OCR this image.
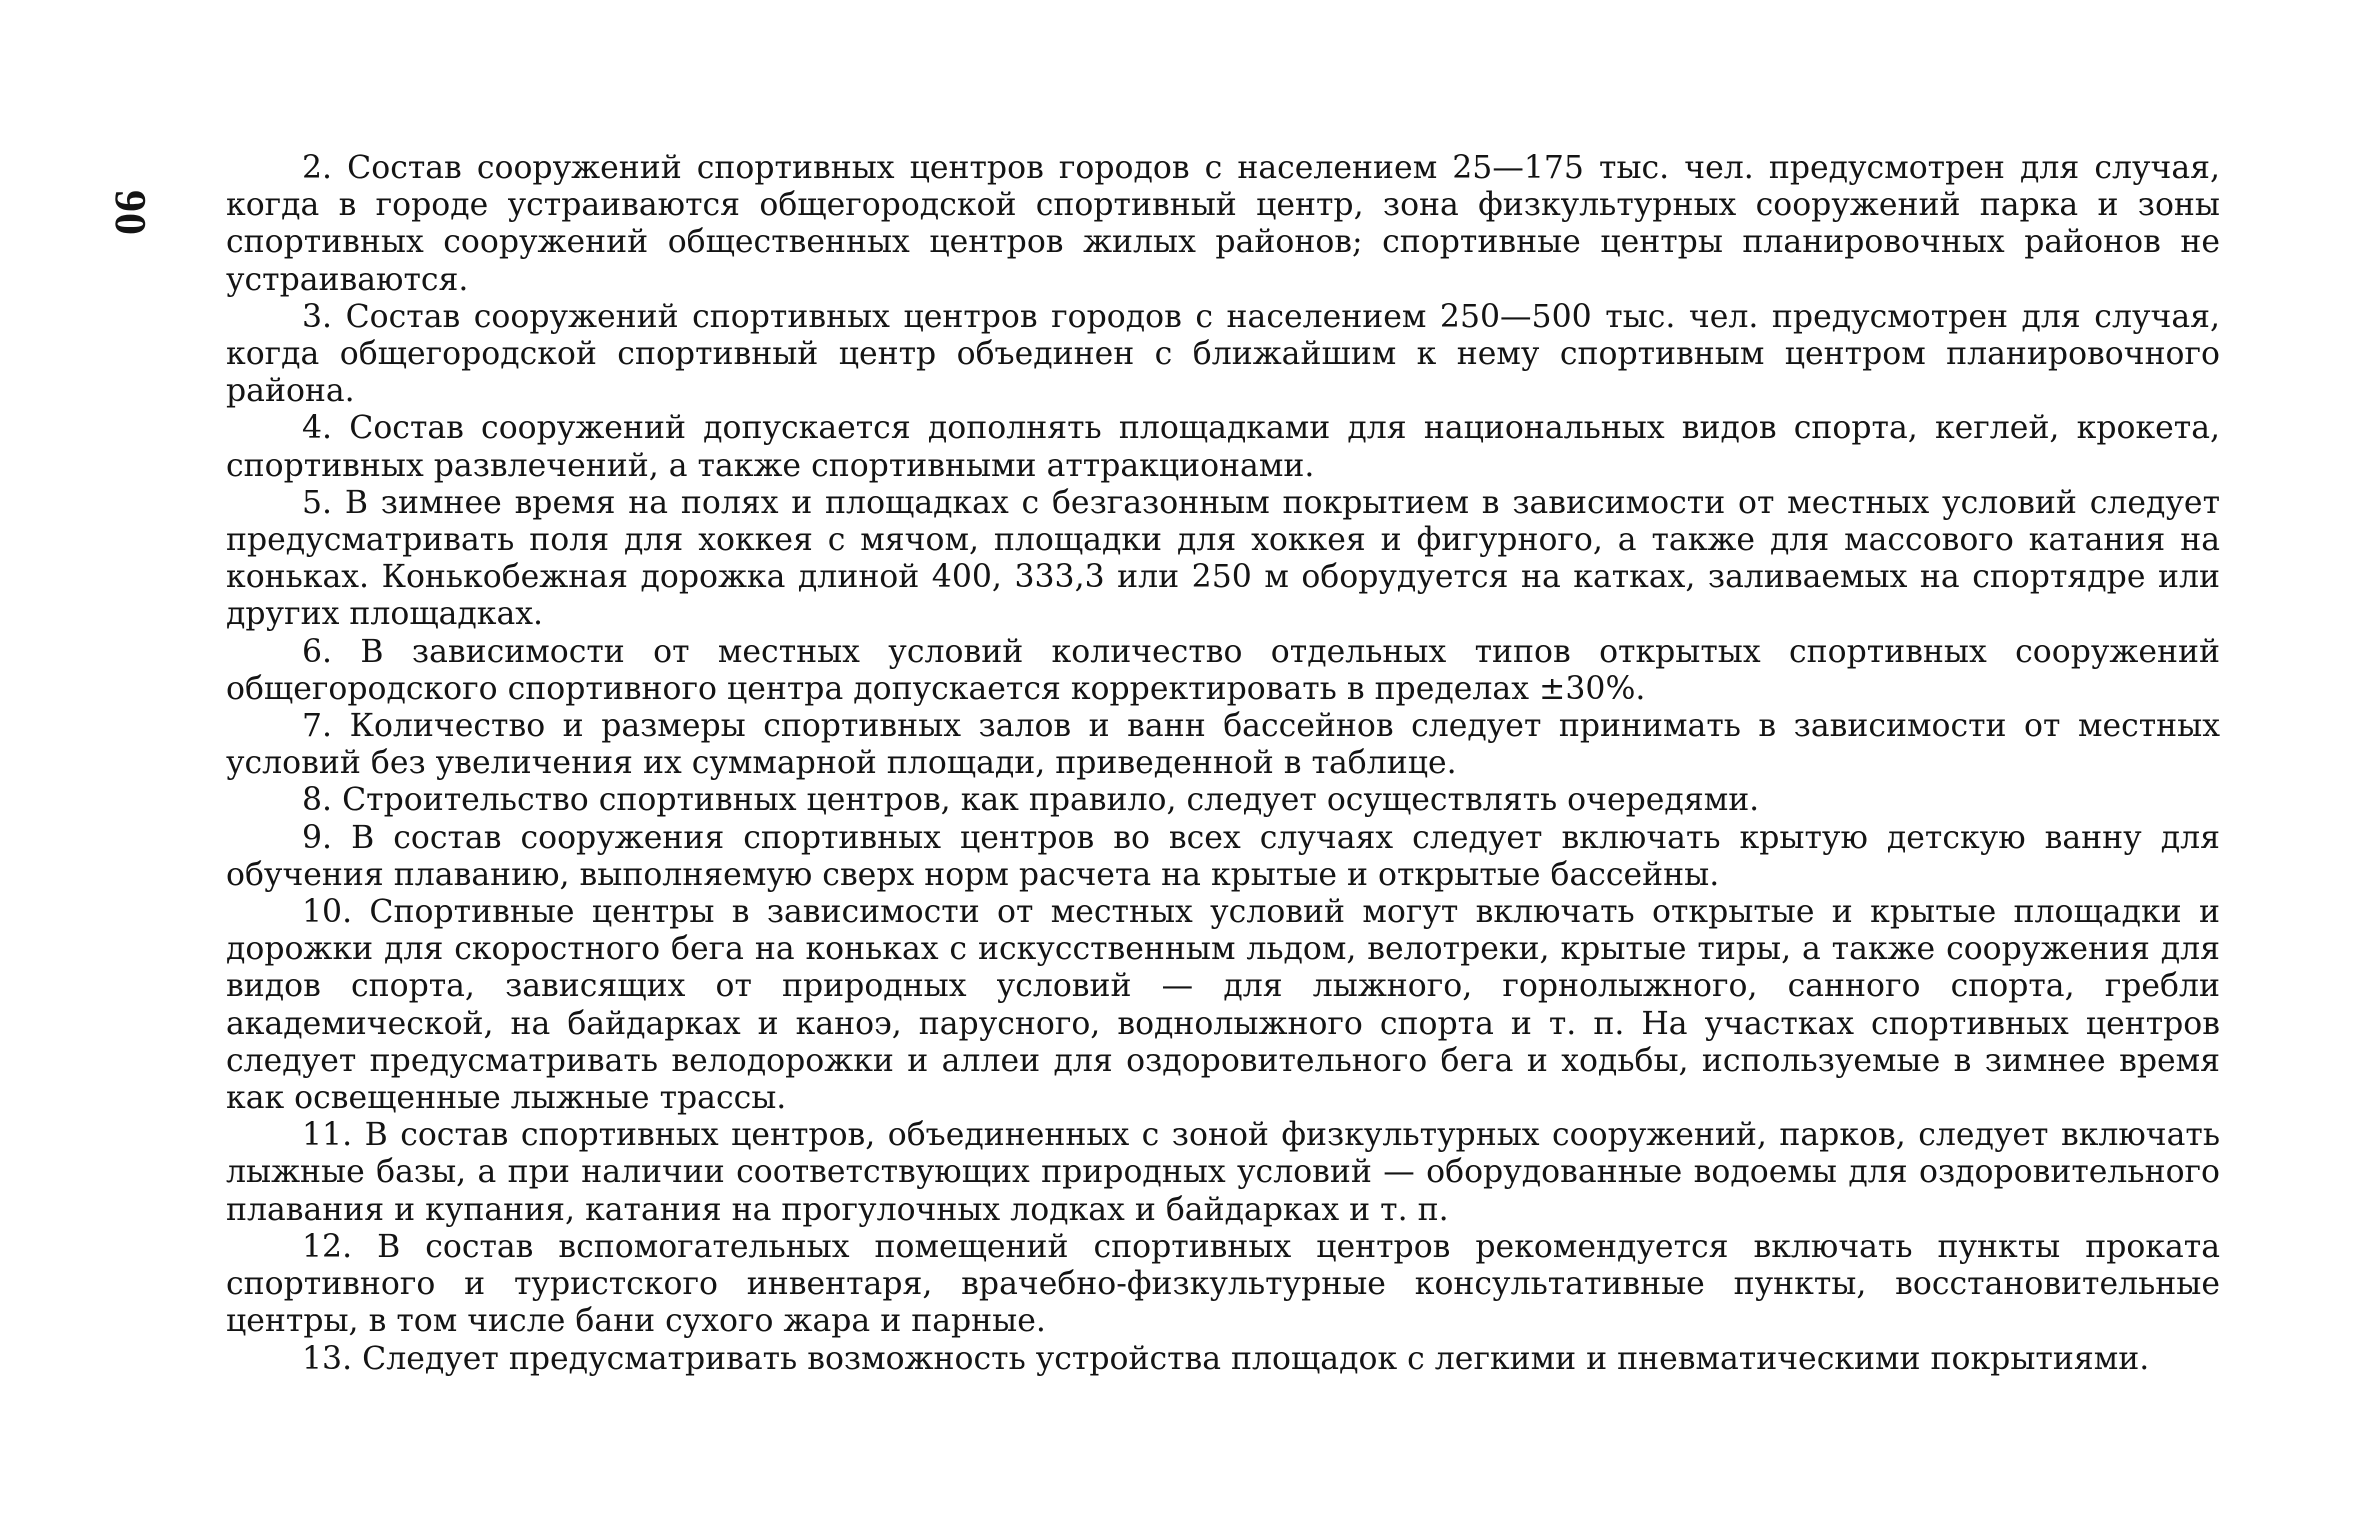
90

2. Состав сооружений спортивных центров городов с населением 25—175 тыс. чел. предусмотрен для случая, когда в городе устраиваются общегородской спортивный центр, зона физкультурных сооружений парка и зоны спортивных сооружений общественных центров жилых районов; спортивные центры планировочных районов не устраиваются.

3. Состав сооружений спортивных центров городов с населением 250—500 тыс. чел. предусмотрен для случая, когда общегородской спортивный центр объединен с ближайшим к нему спортивным центром планировочного района.

4. Состав сооружений допускается дополнять площадками для национальных видов спорта, кеглей, крокета, спортивных развлечений, а также спортивными аттракционами.

5. В зимнее время на полях и площадках с безгазонным покрытием в зависимости от местных условий следует предусматривать поля для хоккея с мячом, площадки для хоккея и фигурного, а также для массового катания на коньках. Конькобежная дорожка длиной 400, 333,3 или 250 м оборудуется на катках, заливаемых на спортядре или других площадках.

6. В зависимости от местных условий количество отдельных типов открытых спортивных сооружений общегородского спортивного центра допускается корректировать в пределах ±30%.

7. Количество и размеры спортивных залов и ванн бассейнов следует принимать в зависимости от местных условий без увеличения их суммарной площади, приведенной в таблице.

8. Строительство спортивных центров, как правило, следует осуществлять очередями.

9. В состав сооружения спортивных центров во всех случаях следует включать крытую детскую ванну для обучения плаванию, выполняемую сверх норм расчета на крытые и открытые бассейны.

10. Спортивные центры в зависимости от местных условий могут включать открытые и крытые площадки и дорожки для скоростного бега на коньках с искусственным льдом, велотреки, крытые тиры, а также сооружения для видов спорта, зависящих от природных условий — для лыжного, горнолыжного, санного спорта, гребли академической, на байдарках и каноэ, парусного, воднолыжного спорта и т. п. На участках спортивных центров следует предусматривать велодорожки и аллеи для оздоровительного бега и ходьбы, используемые в зимнее время как освещенные лыжные трассы.

11. В состав спортивных центров, объединенных с зоной физкультурных сооружений, парков, следует включать лыжные базы, а при наличии соответствующих природных условий — оборудованные водоемы для оздоровительного плавания и купания, катания на прогулочных лодках и байдарках и т. п.

12. В состав вспомогательных помещений спортивных центров рекомендуется включать пункты проката спортивного и туристского инвентаря, врачебно-физкультурные консультативные пункты, восстановительные центры, в том числе бани сухого жара и парные.

13. Следует предусматривать возможность устройства площадок с легкими и пневматическими покрытиями.
